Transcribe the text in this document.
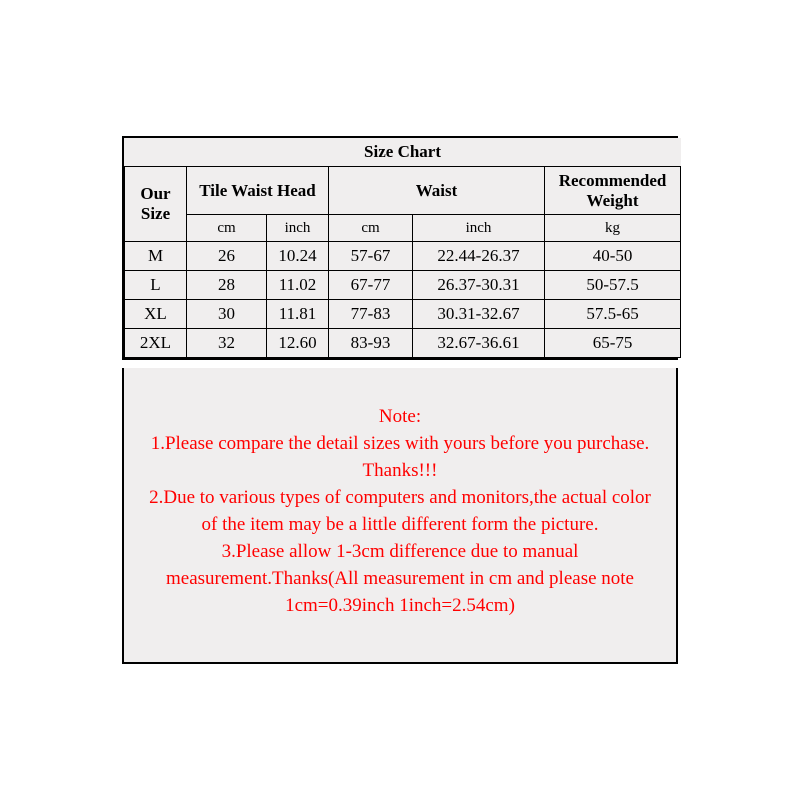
Size Chart					
Our Size	Tile Waist Head		Waist		Recommended Weight
	cm	inch	cm	inch	kg
M	26	10.24	57-67	22.44-26.37	40-50
L	28	11.02	67-77	26.37-30.31	50-57.5
XL	30	11.81	77-83	30.31-32.67	57.5-65
2XL	32	12.60	83-93	32.67-36.61	65-75
Note:
1.Please compare the detail sizes with yours before you purchase.
Thanks!!!
2.Due to various types of computers and monitors,the actual color
of the item may be a little different form the picture.
3.Please allow 1-3cm difference due to manual
measurement.Thanks(All measurement in cm and please note
1cm=0.39inch 1inch=2.54cm)
